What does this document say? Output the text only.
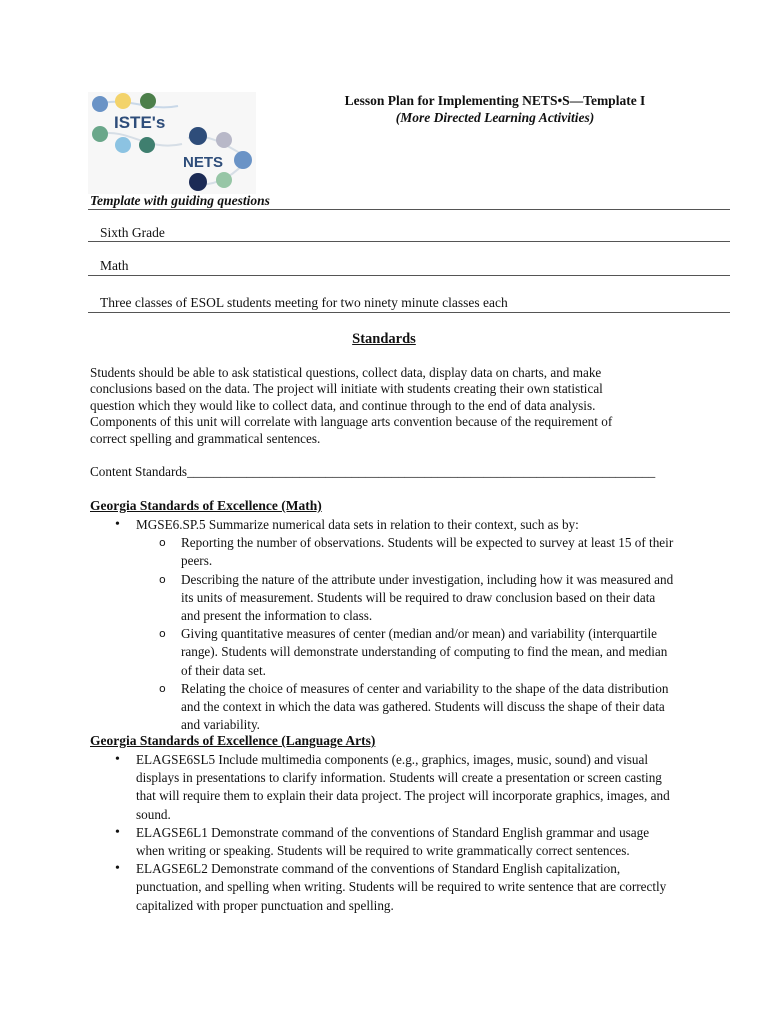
ISTE's
NETS
Lesson Plan for Implementing NETS•S—Template I
(More Directed Learning Activities)
Template with guiding questions
Sixth Grade
Math
Three classes of ESOL students meeting for two ninety minute classes each
Standards
Students should be able to ask statistical questions, collect data, display data on charts, and make conclusions based on the data. The project will initiate with students creating their own statistical question which they would like to collect data, and continue through to the end of data analysis. Components of this unit will correlate with language arts convention because of the requirement of correct spelling and grammatical sentences.
Content Standards_______________________________________________________________________
Georgia Standards of Excellence (Math)
• MGSE6.SP.5 Summarize numerical data sets in relation to their context, such as by:
o Reporting the number of observations. Students will be expected to survey at least 15 of their peers.
o Describing the nature of the attribute under investigation, including how it was measured and its units of measurement. Students will be required to draw conclusion based on their data and present the information to class.
o Giving quantitative measures of center (median and/or mean) and variability (interquartile range). Students will demonstrate understanding of computing to find the mean, and median of their data set.
o Relating the choice of measures of center and variability to the shape of the data distribution and the context in which the data was gathered. Students will discuss the shape of their data and variability.
Georgia Standards of Excellence (Language Arts)
• ELAGSE6SL5 Include multimedia components (e.g., graphics, images, music, sound) and visual displays in presentations to clarify information. Students will create a presentation or screen casting that will require them to explain their data project. The project will incorporate graphics, images, and sound.
• ELAGSE6L1 Demonstrate command of the conventions of Standard English grammar and usage when writing or speaking. Students will be required to write grammatically correct sentences.
• ELAGSE6L2 Demonstrate command of the conventions of Standard English capitalization, punctuation, and spelling when writing. Students will be required to write sentence that are correctly capitalized with proper punctuation and spelling.
